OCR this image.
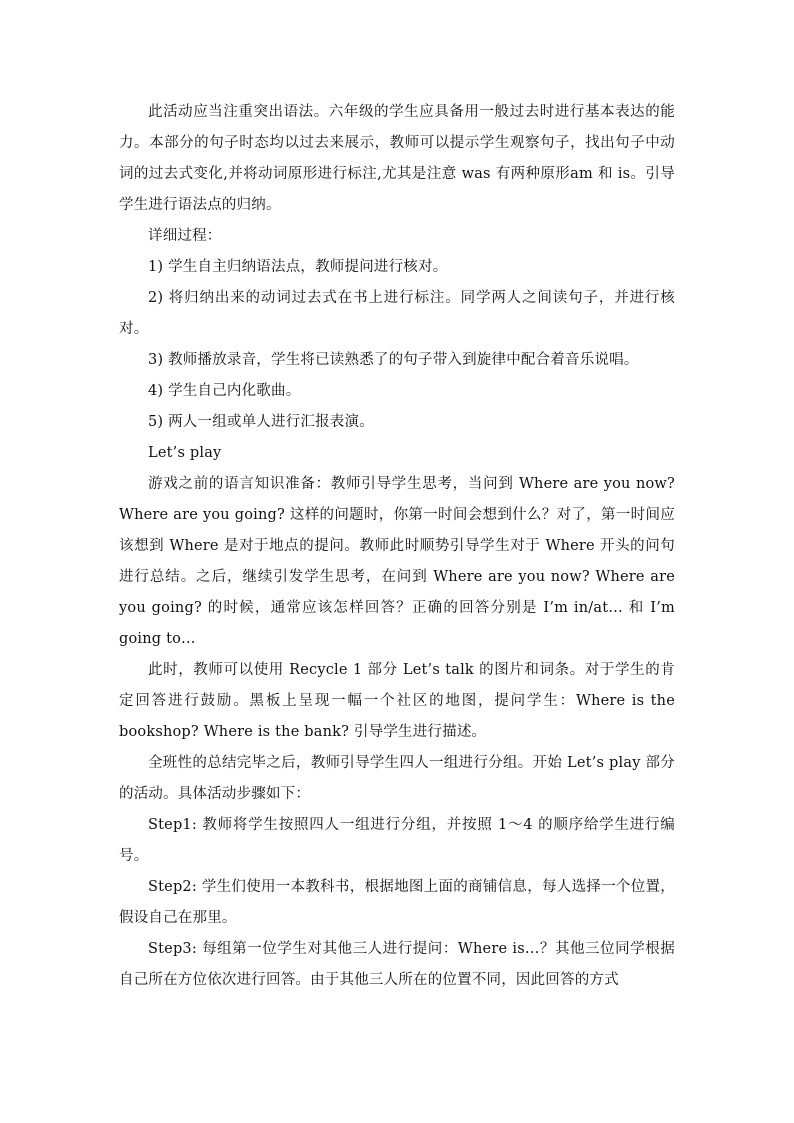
此活动应当注重突出语法。六年级的学生应具备用一般过去时进行基本表达的能力。本部分的句子时态均以过去来展示，教师可以提示学生观察句子，找出句子中动词的过去式变化,并将动词原形进行标注,尤其是注意 was 有两种原形am 和 is。引导学生进行语法点的归纳。

详细过程：

1) 学生自主归纳语法点，教师提问进行核对。

2) 将归纳出来的动词过去式在书上进行标注。同学两人之间读句子，并进行核对。

3) 教师播放录音，学生将已读熟悉了的句子带入到旋律中配合着音乐说唱。

4) 学生自己内化歌曲。

5) 两人一组或单人进行汇报表演。

Let’s play

游戏之前的语言知识准备：教师引导学生思考，当问到 Where are you now? Where are you going? 这样的问题时，你第一时间会想到什么？对了，第一时间应该想到 Where 是对于地点的提问。教师此时顺势引导学生对于 Where 开头的问句进行总结。之后，继续引发学生思考，在问到 Where are you now? Where are you going? 的时候，通常应该怎样回答？正确的回答分别是 I’m in/at… 和 I’m going to…

此时，教师可以使用 Recycle 1 部分 Let’s talk 的图片和词条。对于学生的肯定回答进行鼓励。黑板上呈现一幅一个社区的地图，提问学生：Where is the bookshop? Where is the bank? 引导学生进行描述。

全班性的总结完毕之后，教师引导学生四人一组进行分组。开始 Let’s play 部分的活动。具体活动步骤如下：

Step1: 教师将学生按照四人一组进行分组，并按照 1～4 的顺序给学生进行编号。

Step2: 学生们使用一本教科书，根据地图上面的商铺信息，每人选择一个位置，假设自己在那里。

Step3: 每组第一位学生对其他三人进行提问：Where is…？其他三位同学根据自己所在方位依次进行回答。由于其他三人所在的位置不同，因此回答的方式
